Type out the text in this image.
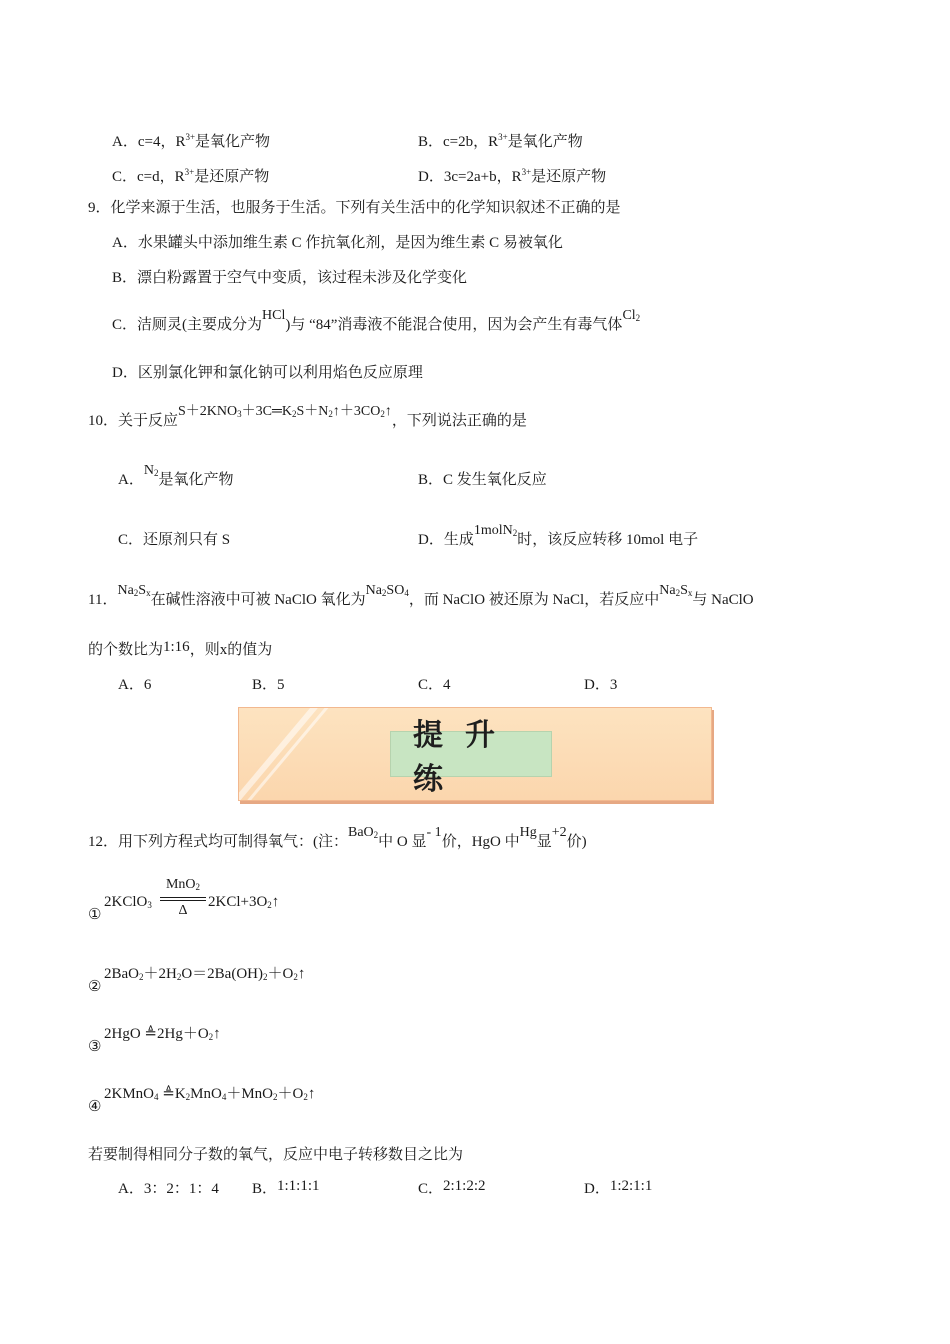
A．c=4，$R^{3+}$是氧化产物	B．c=2b，$R^{3+}$是氧化产物
C．c=d，$R^{3+}$是还原产物	D．3c=2a+b，$R^{3+}$是还原产物
9．化学来源于生活，也服务于生活。下列有关生活中的化学知识叙述不正确的是
A．水果罐头中添加维生素 C 作抗氧化剂，是因为维生素 C 易被氧化
B．漂白粉露置于空气中变质，该过程未涉及化学变化
C．洁厕灵(主要成分为HCl)与 “84”消毒液不能混合使用，因为会产生有毒气体$Cl_2$
D．区别氯化钾和氯化钠可以利用焰色反应原理
10．关于反应$S+2KNO_3+3C═K_2S+N_2↑+3CO_2↑$，下列说法正确的是
A．$N_2$是氧化产物	B．C 发生氧化反应
C．还原剂只有 S	D．生成1molN$_2$时，该反应转移 10mol 电子
11．$Na_2S_x$在碱性溶液中可被 NaClO 氧化为$Na_2SO_4$，而 NaClO 被还原为 NaCl，若反应中$Na_2S_x$与 NaClO
的个数比为1:16，则x的值为
A．6	B．5	C．4	D．3
提升练
12．用下列方程式均可制得氧气：(注：BaO$_2$中 O 显- 1价，HgO 中Hg显+2价)
①
2KClO$_3$
MnO$_2$
Δ
$2KCl+3O_2↑$
②
$2BaO_2+2H_2O=2Ba(OH)_2+O_2↑$
③
2HgO $≜2Hg+O_2↑$
④
2KMnO$_4$ $≜K_2MnO_4+MnO_2+O_2↑$
若要制得相同分子数的氧气，反应中电子转移数目之比为
A．3：2：1：4 B．1:1:1:1	C．2:1:2:2	D．1:2:1:1
